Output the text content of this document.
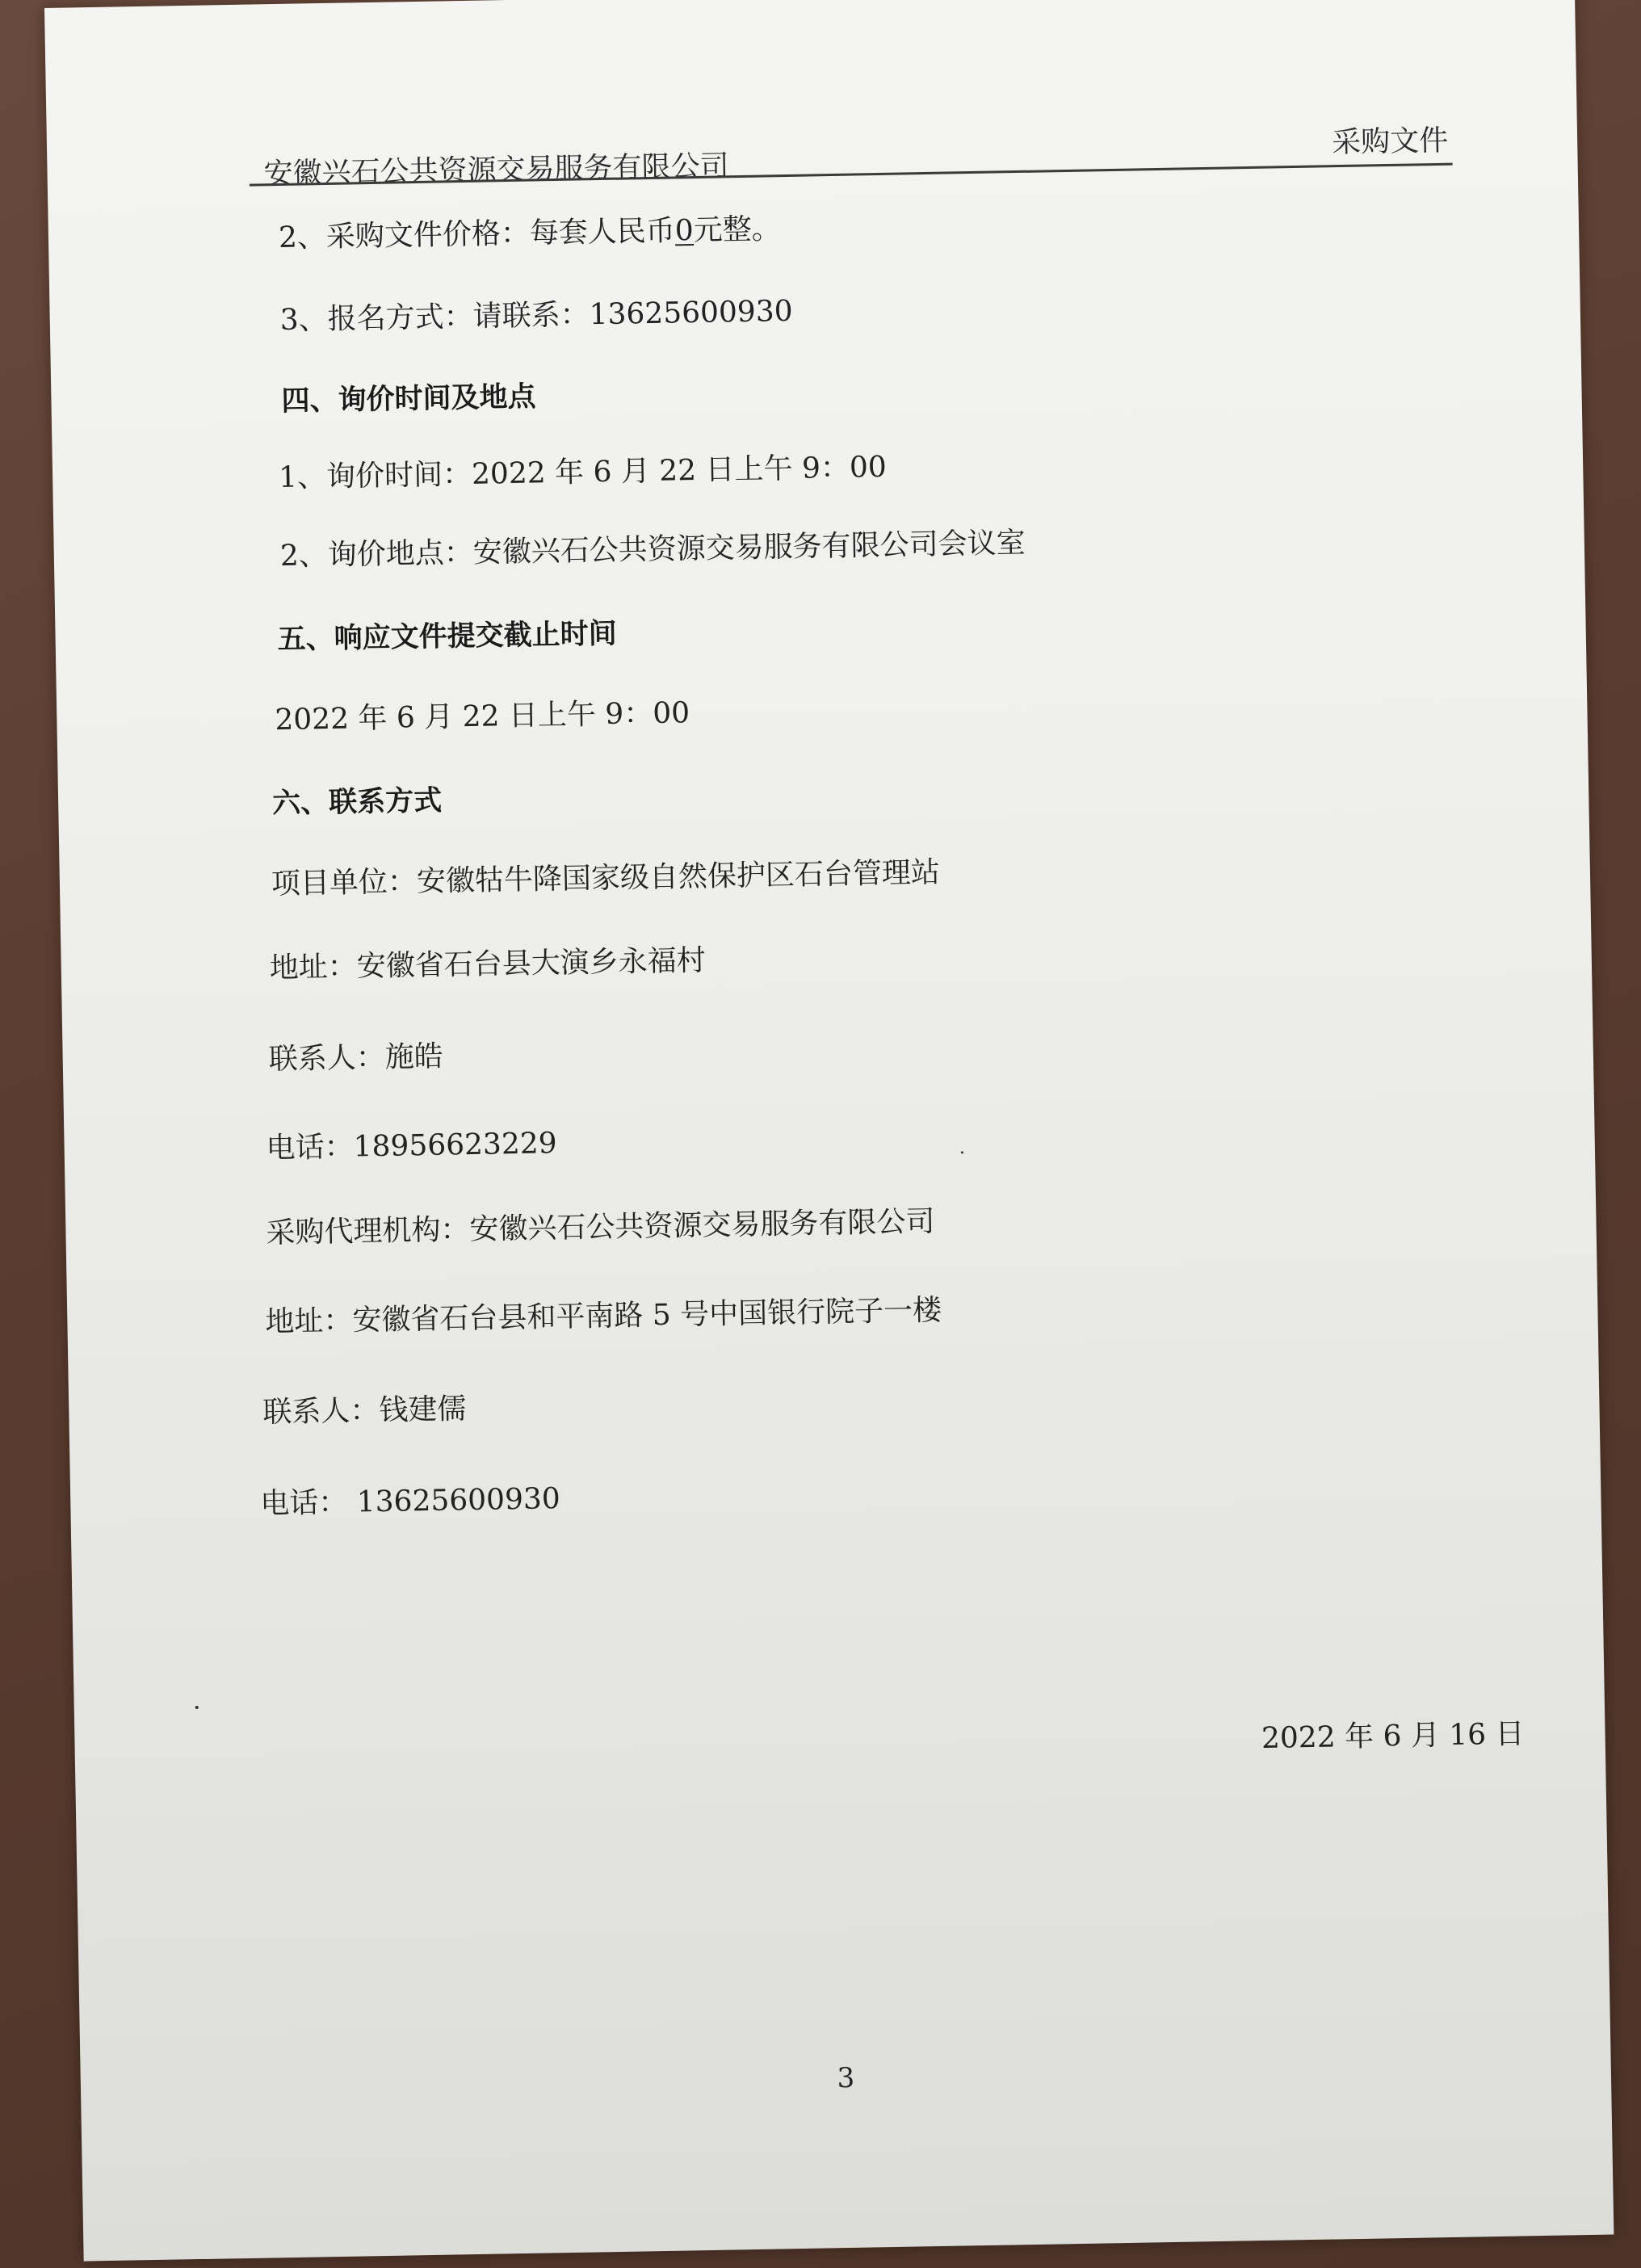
安徽兴石公共资源交易服务有限公司
采购文件
2、采购文件价格：每套人民币0元整。
3、报名方式：请联系：13625600930
四、询价时间及地点
1、询价时间：2022 年 6 月 22 日上午 9：00
2、询价地点：安徽兴石公共资源交易服务有限公司会议室
五、响应文件提交截止时间
2022 年 6 月 22 日上午 9：00
六、联系方式
项目单位：安徽牯牛降国家级自然保护区石台管理站
地址：安徽省石台县大演乡永福村
联系人：施皓
电话：18956623229
采购代理机构：安徽兴石公共资源交易服务有限公司
地址：安徽省石台县和平南路 5 号中国银行院子一楼
联系人：钱建儒
电话： 13625600930
2022 年 6 月 16 日
3
